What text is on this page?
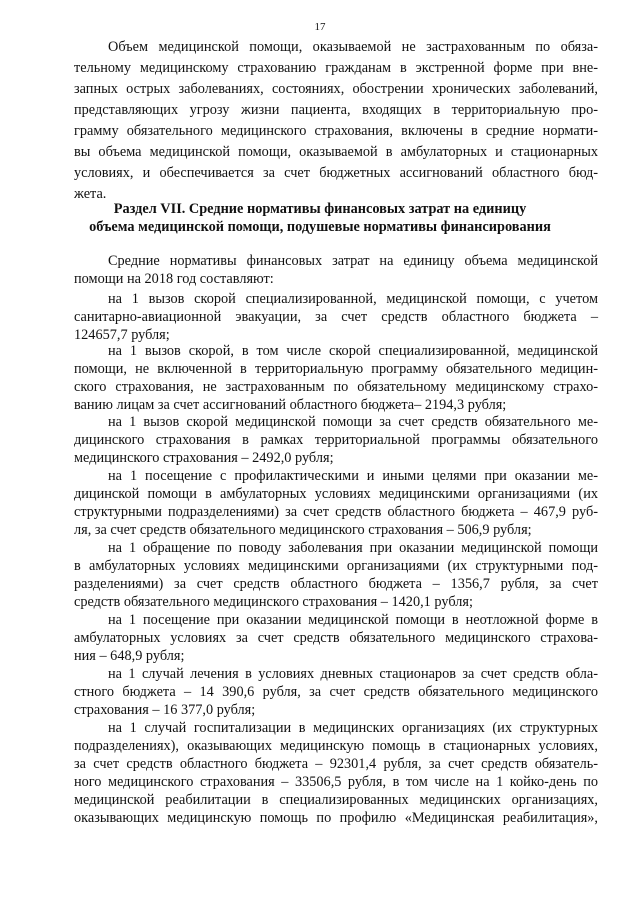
17
Объем медицинской помощи, оказываемой не застрахованным по обяза-
тельному медицинскому страхованию гражданам в экстренной форме при вне-
запных острых заболеваниях, состояниях, обострении хронических заболеваний,
представляющих угрозу жизни пациента, входящих в территориальную про-
грамму обязательного медицинского страхования, включены в средние нормати-
вы объема медицинской помощи, оказываемой в амбулаторных и стационарных
условиях, и обеспечивается за счет бюджетных ассигнований областного бюд-
жета.
Раздел VII. Средние нормативы финансовых затрат на единицу
объема медицинской помощи, подушевые нормативы финансирования
Средние нормативы финансовых затрат на единицу объема медицинской
помощи на 2018 год составляют:
на 1 вызов скорой специализированной, медицинской помощи, с учетом
санитарно-авиационной эвакуации, за счет средств областного бюджета –
124657,7 рубля;
на 1 вызов скорой, в том числе скорой специализированной, медицинской
помощи, не включенной в территориальную программу обязательного медицин-
ского страхования, не застрахованным по обязательному медицинскому страхо-
ванию лицам за счет ассигнований областного бюджета– 2194,3 рубля;
на 1 вызов скорой медицинской помощи за счет средств обязательного ме-
дицинского страхования в рамках территориальной программы обязательного
медицинского страхования – 2492,0 рубля;
на 1 посещение с профилактическими и иными целями при оказании ме-
дицинской помощи в амбулаторных условиях медицинскими организациями (их
структурными подразделениями) за счет средств областного бюджета – 467,9 руб-
ля, за счет средств обязательного медицинского страхования – 506,9 рубля;
на 1 обращение по поводу заболевания при оказании медицинской помощи
в амбулаторных условиях медицинскими организациями (их структурными под-
разделениями) за счет средств областного бюджета – 1356,7 рубля, за счет
средств обязательного медицинского страхования – 1420,1 рубля;
на 1 посещение при оказании медицинской помощи в неотложной форме в
амбулаторных условиях за счет средств обязательного медицинского страхова-
ния – 648,9 рубля;
на 1 случай лечения в условиях дневных стационаров за счет средств обла-
стного бюджета – 14 390,6 рубля, за счет средств обязательного медицинского
страхования – 16 377,0 рубля;
на 1 случай госпитализации в медицинских организациях (их структурных
подразделениях), оказывающих медицинскую помощь в стационарных условиях,
за счет средств областного бюджета – 92301,4 рубля, за счет средств обязатель-
ного медицинского страхования – 33506,5 рубля, в том числе на 1 койко-день по
медицинской реабилитации в специализированных медицинских организациях,
оказывающих медицинскую помощь по профилю «Медицинская реабилитация»,
